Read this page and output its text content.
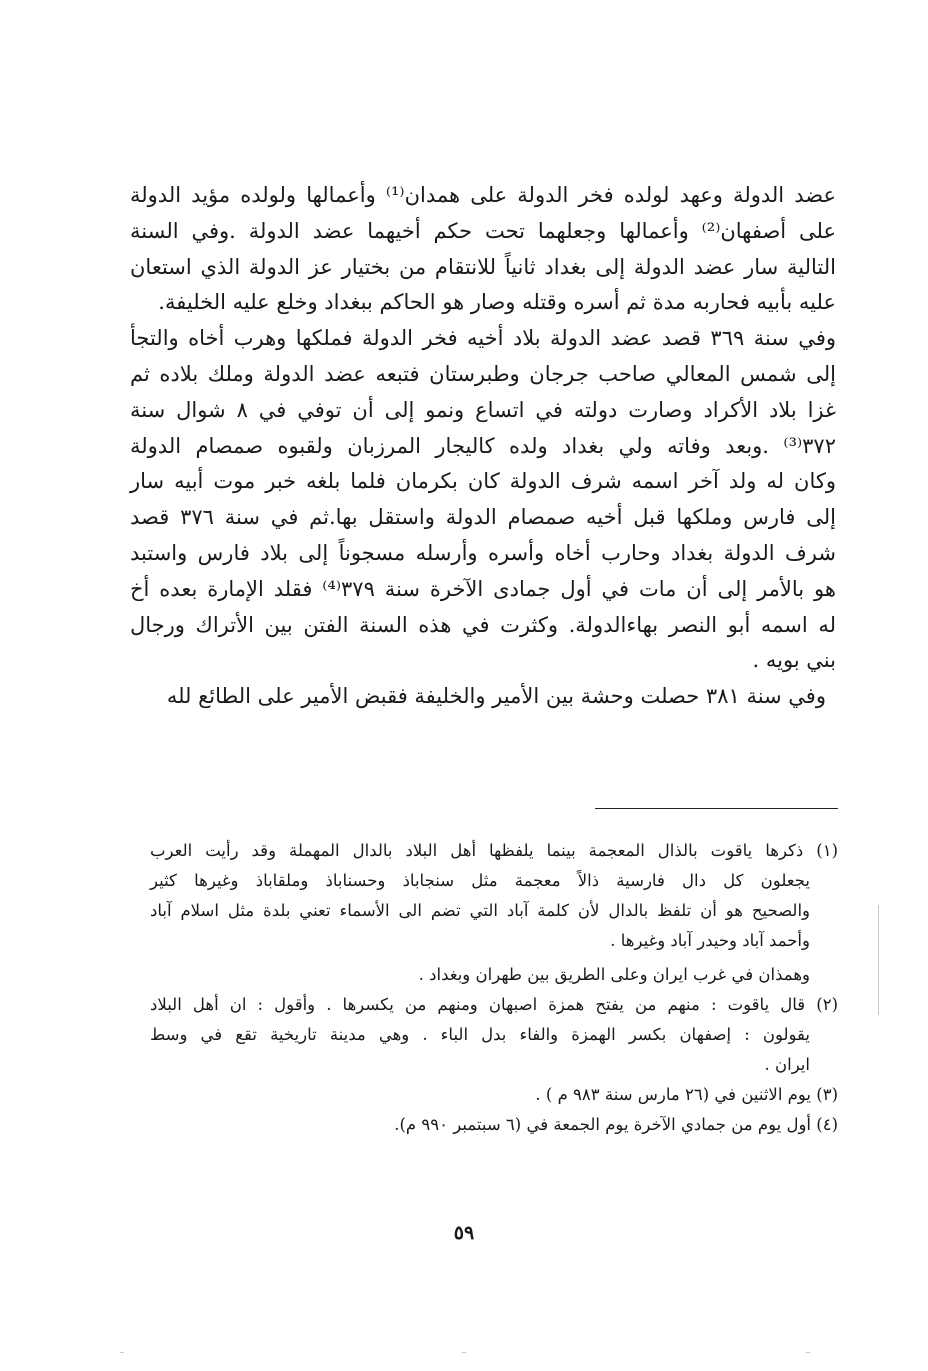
عضد الدولة وعهد لولده فخر الدولة على همدان⁽¹⁾ وأعمالها ولولده مؤيد الدولة
على أصفهان⁽²⁾ وأعمالها وجعلهما تحت حكم أخيهما عضد الدولة .وفي السنة
التالية سار عضد الدولة إلى بغداد ثانياً للانتقام من بختيار عز الدولة الذي استعان
عليه بأبيه فحاربه مدة ثم أسره وقتله وصار هو الحاكم ببغداد وخلع عليه الخليفة.
وفي سنة ٣٦٩ قصد عضد الدولة بلاد أخيه فخر الدولة فملكها وهرب أخاه والتجأ
إلى شمس المعالي صاحب جرجان وطبرستان فتبعه عضد الدولة وملك بلاده ثم
غزا بلاد الأكراد وصارت دولته في اتساع ونمو إلى أن توفي في ٨ شوال سنة
٣٧٢⁽³⁾ .وبعد وفاته ولي بغداد ولده كاليجار المرزبان ولقبوه صمصام الدولة
وكان له ولد آخر اسمه شرف الدولة كان بكرمان فلما بلغه خبر موت أبيه سار
إلى فارس وملكها قبل أخيه صمصام الدولة واستقل بها.ثم في سنة ٣٧٦ قصد
شرف الدولة بغداد وحارب أخاه وأسره وأرسله مسجوناً إلى بلاد فارس واستبد
هو بالأمر إلى أن مات في أول جمادى الآخرة سنة ٣٧٩⁽⁴⁾ فقلد الإمارة بعده أخ
له اسمه أبو النصر بهاءالدولة. وكثرت في هذه السنة الفتن بين الأتراك ورجال
بني بويه .
وفي سنة ٣٨١ حصلت وحشة بين الأمير والخليفة فقبض الأمير على الطائع لله
(١) ذكرها ياقوت بالذال المعجمة بينما يلفظها أهل البلاد بالدال المهملة وقد رأيت العرب
يجعلون كل دال فارسية ذالاً معجمة مثل سنجاباذ وحسناباذ وملقاباذ وغيرها كثير
والصحيح هو أن تلفظ بالدال لأن كلمة آباد التي تضم الى الأسماء تعني بلدة مثل اسلام آباد
وأحمد آباد وحيدر آباد وغيرها .
وهمذان في غرب ايران وعلى الطريق بين طهران وبغداد .
(٢) قال ياقوت : منهم من يفتح همزة اصبهان ومنهم من يكسرها . وأقول : ان أهل البلاد
يقولون : إصفهان بكسر الهمزة والفاء بدل الباء . وهي مدينة تاريخية تقع في وسط
ايران .
(٣) يوم الاثنين في (٢٦ مارس سنة ٩٨٣ م ) .
(٤) أول يوم من جمادي الآخرة يوم الجمعة في (٦ سبتمبر ٩٩٠ م).
٥٩
